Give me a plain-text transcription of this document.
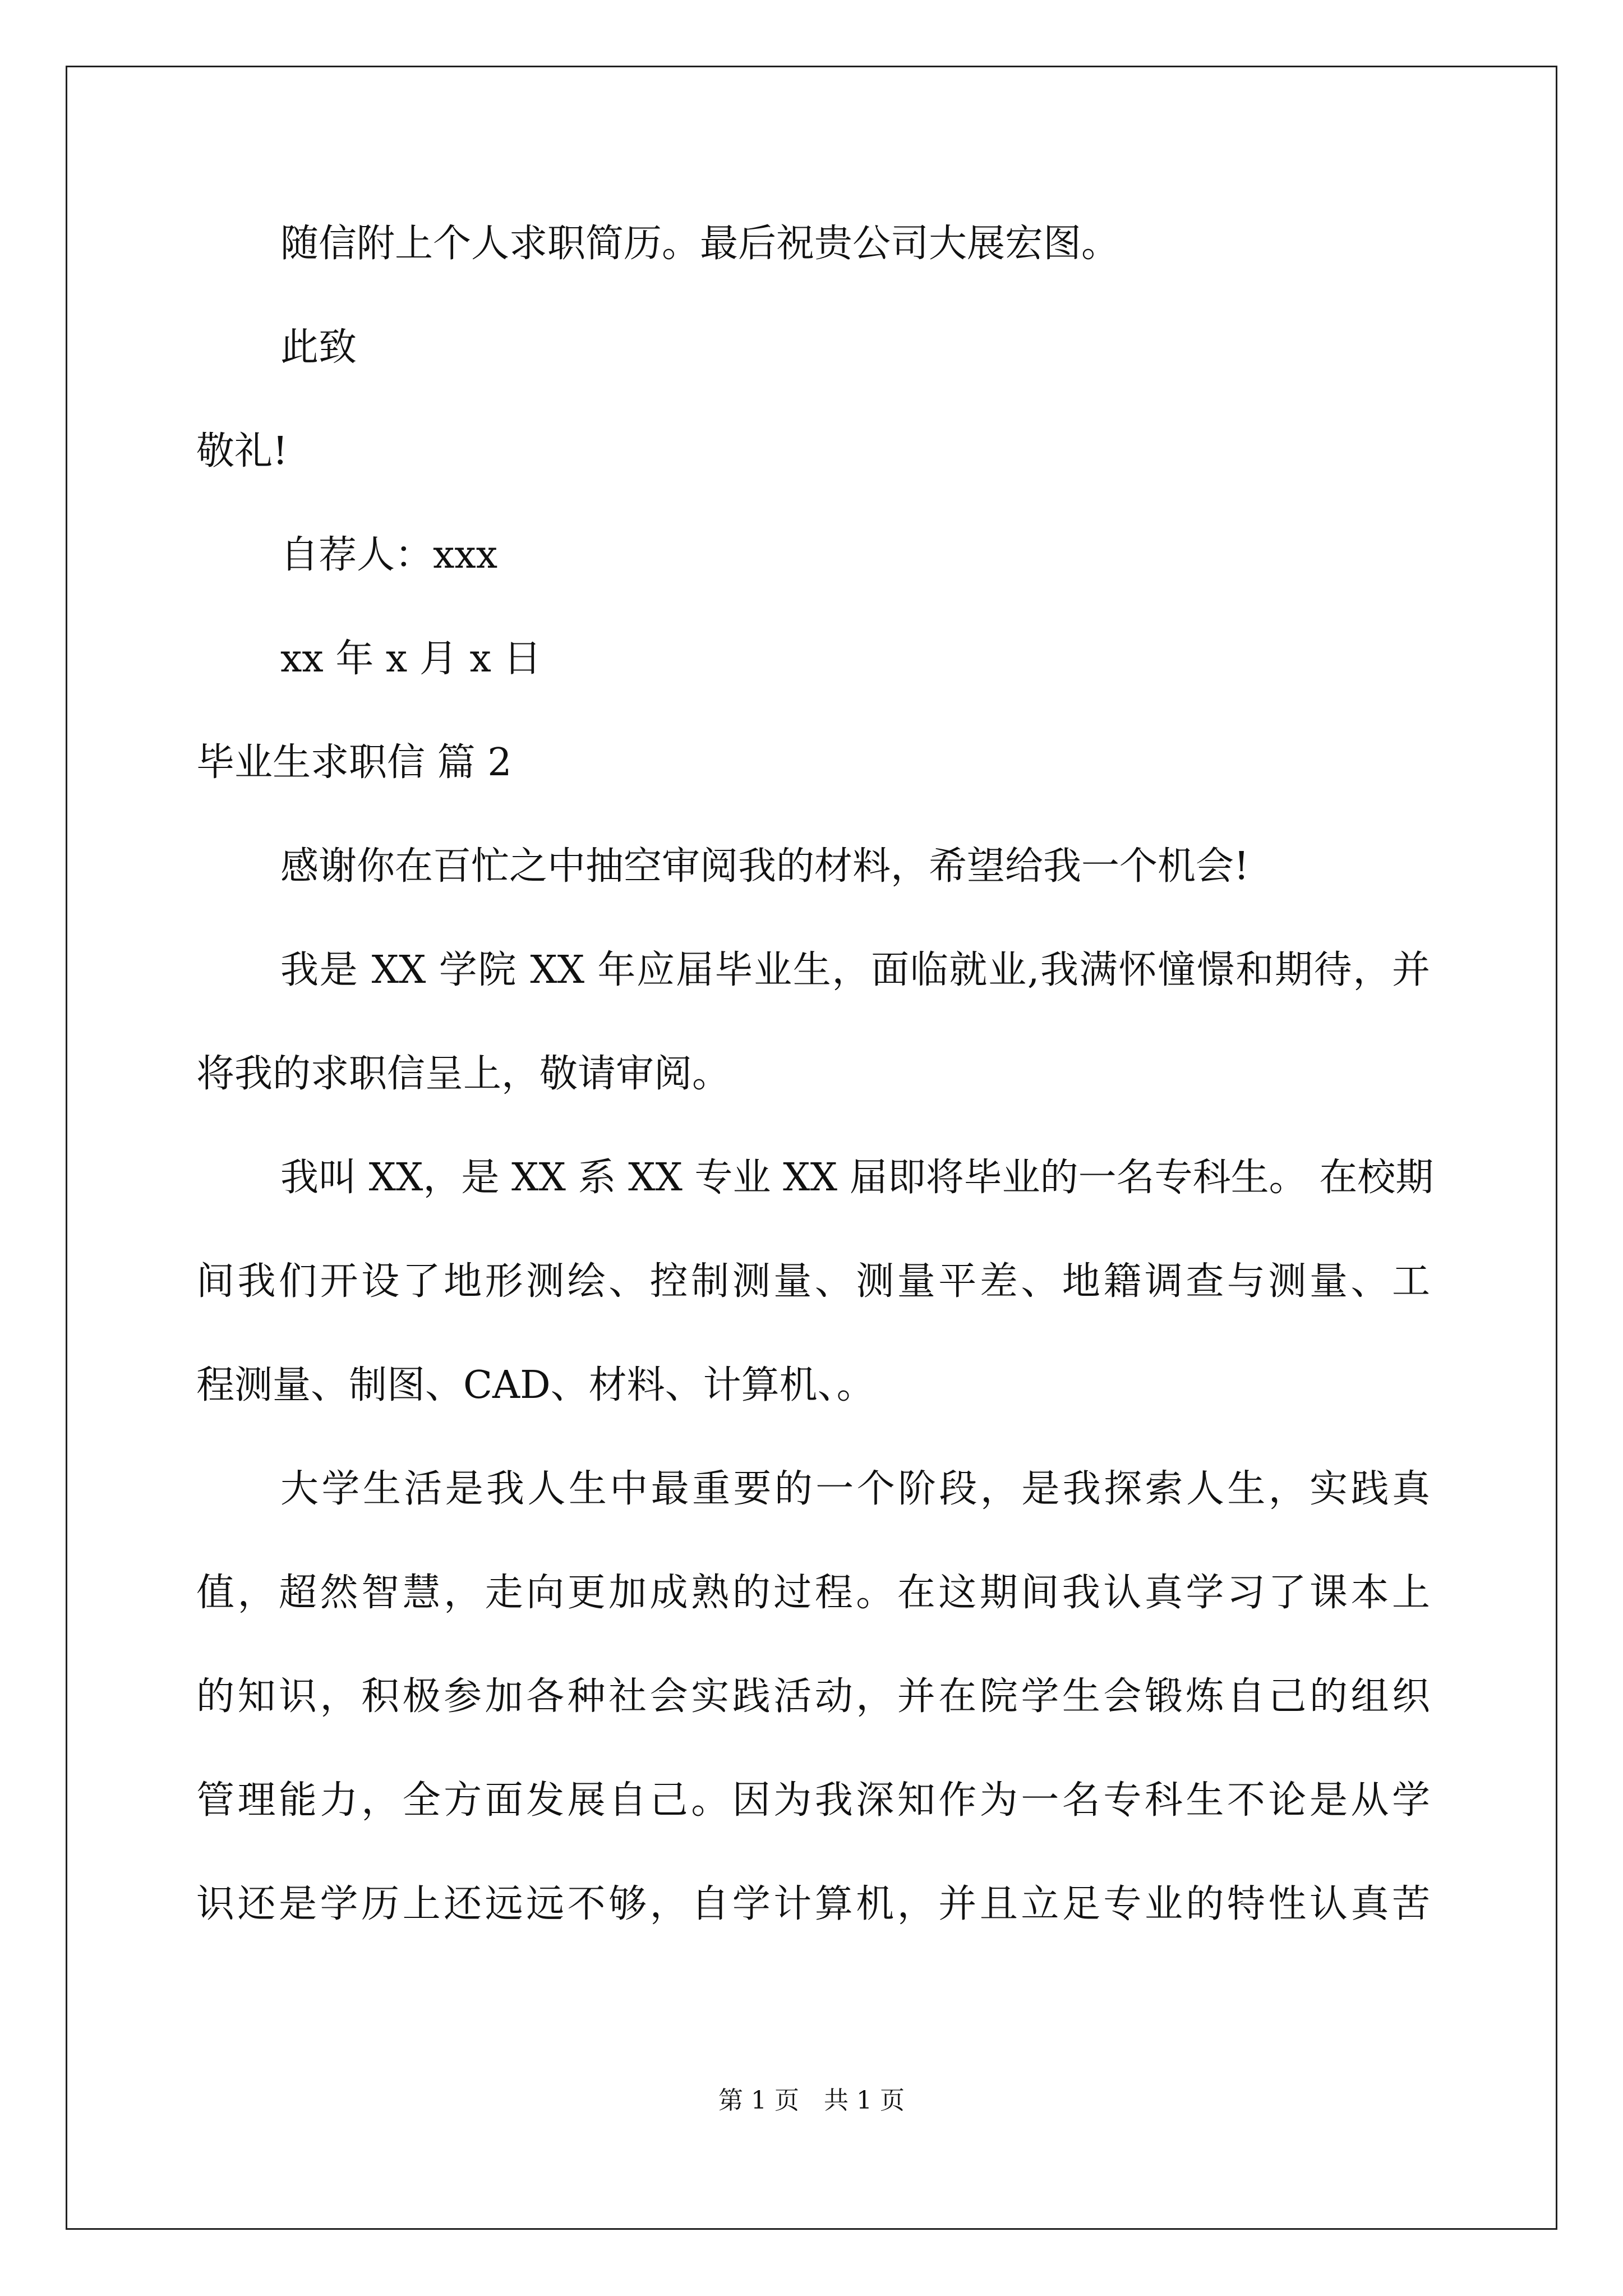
随信附上个人求职简历。最后祝贵公司大展宏图。
此致
敬礼!
自荐人：xxx
xx 年 x 月 x 日
毕业生求职信 篇 2
感谢你在百忙之中抽空审阅我的材料，希望给我一个机会!
我是 XX 学院 XX 年应届毕业生，面临就业,我满怀憧憬和期待，并
将我的求职信呈上，敬请审阅。
我叫 XX，是 XX 系 XX 专业 XX 届即将毕业的一名专科生。 在校期
间我们开设了地形测绘、控制测量、测量平差、地籍调查与测量、工
程测量、制图、CAD、材料、计算机、。
大学生活是我人生中最重要的一个阶段，是我探索人生，实践真
值，超然智慧，走向更加成熟的过程。在这期间我认真学习了课本上
的知识，积极参加各种社会实践活动，并在院学生会锻炼自己的组织
管理能力，全方面发展自己。因为我深知作为一名专科生不论是从学
识还是学历上还远远不够，自学计算机，并且立足专业的特性认真苦
第 1 页　共 1 页
